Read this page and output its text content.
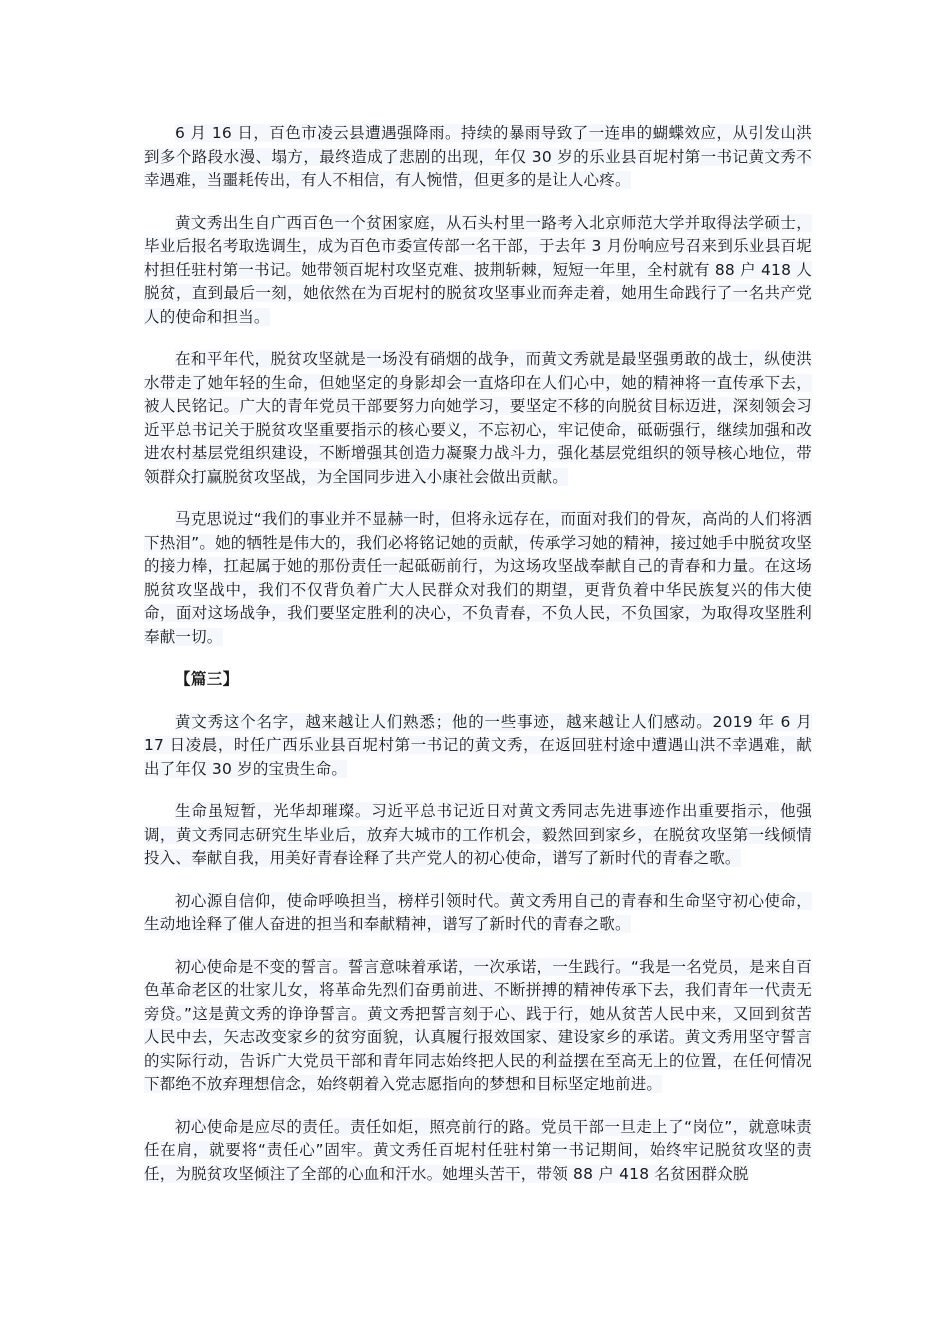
6 月 16 日，百色市凌云县遭遇强降雨。持续的暴雨导致了一连串的蝴蝶效应，从引发山洪到多个路段水漫、塌方，最终造成了悲剧的出现，年仅 30 岁的乐业县百坭村第一书记黄文秀不幸遇难，当噩耗传出，有人不相信，有人惋惜，但更多的是让人心疼。

黄文秀出生自广西百色一个贫困家庭，从石头村里一路考入北京师范大学并取得法学硕士，毕业后报名考取选调生，成为百色市委宣传部一名干部，于去年 3 月份响应号召来到乐业县百坭村担任驻村第一书记。她带领百坭村攻坚克难、披荆斩棘，短短一年里，全村就有 88 户 418 人脱贫，直到最后一刻，她依然在为百坭村的脱贫攻坚事业而奔走着，她用生命践行了一名共产党人的使命和担当。

在和平年代，脱贫攻坚就是一场没有硝烟的战争，而黄文秀就是最坚强勇敢的战士，纵使洪水带走了她年轻的生命，但她坚定的身影却会一直烙印在人们心中，她的精神将一直传承下去，被人民铭记。广大的青年党员干部要努力向她学习，要坚定不移的向脱贫目标迈进，深刻领会习近平总书记关于脱贫攻坚重要指示的核心要义，不忘初心，牢记使命，砥砺强行，继续加强和改进农村基层党组织建设，不断增强其创造力凝聚力战斗力，强化基层党组织的领导核心地位，带领群众打赢脱贫攻坚战，为全国同步进入小康社会做出贡献。

马克思说过“我们的事业并不显赫一时，但将永远存在，而面对我们的骨灰，高尚的人们将洒下热泪”。她的牺牲是伟大的，我们必将铭记她的贡献，传承学习她的精神，接过她手中脱贫攻坚的接力棒，扛起属于她的那份责任一起砥砺前行，为这场攻坚战奉献自己的青春和力量。在这场脱贫攻坚战中，我们不仅背负着广大人民群众对我们的期望，更背负着中华民族复兴的伟大使命，面对这场战争，我们要坚定胜利的决心，不负青春，不负人民，不负国家，为取得攻坚胜利奉献一切。

【篇三】

黄文秀这个名字，越来越让人们熟悉；他的一些事迹，越来越让人们感动。2019 年 6 月 17 日凌晨，时任广西乐业县百坭村第一书记的黄文秀，在返回驻村途中遭遇山洪不幸遇难，献出了年仅 30 岁的宝贵生命。

生命虽短暂，光华却璀璨。习近平总书记近日对黄文秀同志先进事迹作出重要指示，他强调，黄文秀同志研究生毕业后，放弃大城市的工作机会，毅然回到家乡，在脱贫攻坚第一线倾情投入、奉献自我，用美好青春诠释了共产党人的初心使命，谱写了新时代的青春之歌。

初心源自信仰，使命呼唤担当，榜样引领时代。黄文秀用自己的青春和生命坚守初心使命，生动地诠释了催人奋进的担当和奉献精神，谱写了新时代的青春之歌。

初心使命是不变的誓言。誓言意味着承诺，一次承诺，一生践行。“我是一名党员，是来自百色革命老区的壮家儿女，将革命先烈们奋勇前进、不断拼搏的精神传承下去，我们青年一代责无旁贷。”这是黄文秀的诤诤誓言。黄文秀把誓言刻于心、践于行，她从贫苦人民中来，又回到贫苦人民中去，矢志改变家乡的贫穷面貌，认真履行报效国家、建设家乡的承诺。黄文秀用坚守誓言的实际行动，告诉广大党员干部和青年同志始终把人民的利益摆在至高无上的位置，在任何情况下都绝不放弃理想信念，始终朝着入党志愿指向的梦想和目标坚定地前进。

初心使命是应尽的责任。责任如炬，照亮前行的路。党员干部一旦走上了“岗位”，就意味责任在肩，就要将“责任心”固牢。黄文秀任百坭村任驻村第一书记期间，始终牢记脱贫攻坚的责任，为脱贫攻坚倾注了全部的心血和汗水。她埋头苦干，带领 88 户 418 名贫困群众脱
